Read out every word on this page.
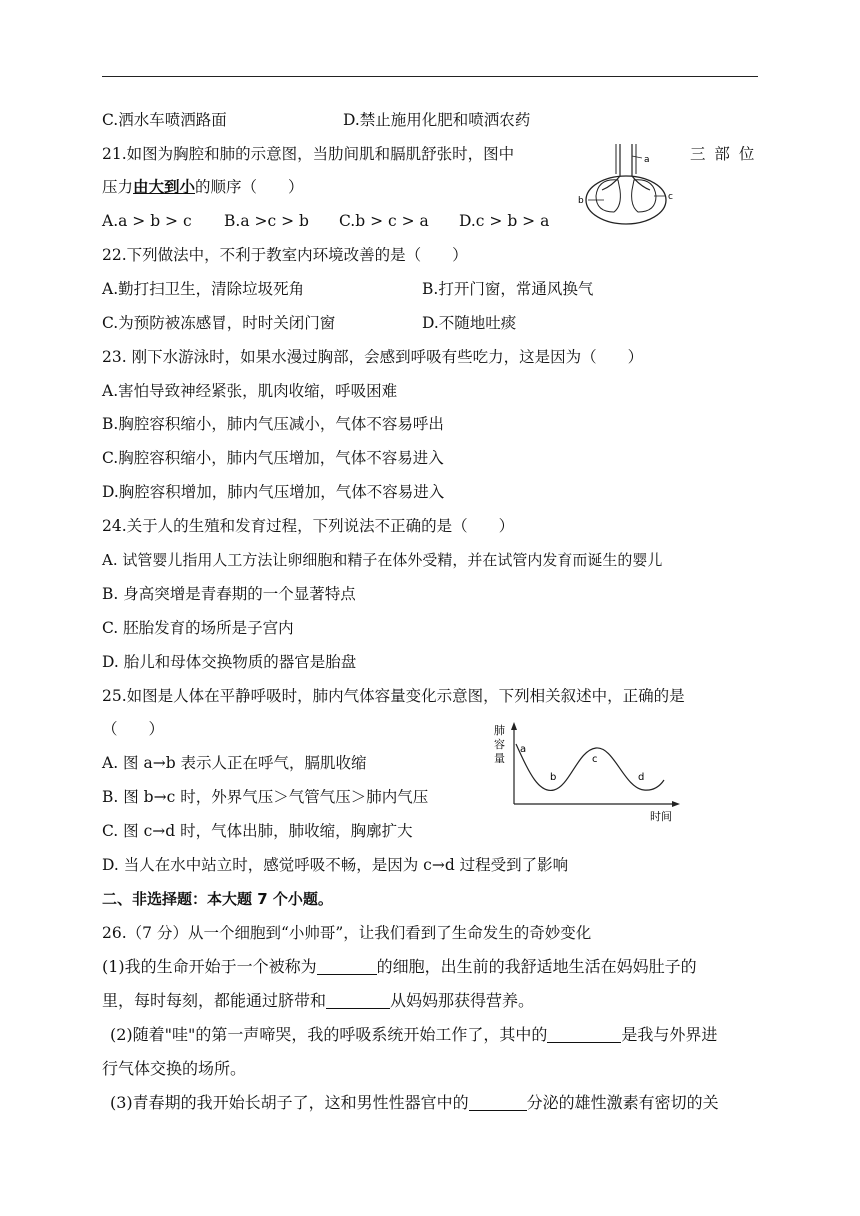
C.洒水车喷洒路面	D.禁止施用化肥和喷洒农药
21.如图为胸腔和肺的示意图，当肋间肌和膈肌舒张时，图中	三 部 位
压力由大到小的顺序（　　）
A.a > b > c B.a >c > b C.b > c > a D.c > b > a
a
b	c
22.下列做法中，不利于教室内环境改善的是（　　）
A.勤打扫卫生，清除垃圾死角	B.打开门窗，常通风换气
C.为预防被冻感冒，时时关闭门窗	D.不随地吐痰
23. 刚下水游泳时，如果水漫过胸部，会感到呼吸有些吃力，这是因为（　　）
A.害怕导致神经紧张，肌肉收缩，呼吸困难
B.胸腔容积缩小，肺内气压减小，气体不容易呼出
C.胸腔容积缩小，肺内气压增加，气体不容易进入
D.胸腔容积增加，肺内气压增加，气体不容易进入
24.关于人的生殖和发育过程，下列说法不正确的是（　　）
A. 试管婴儿指用人工方法让卵细胞和精子在体外受精，并在试管内发育而诞生的婴儿
B. 身高突增是青春期的一个显著特点
C. 胚胎发育的场所是子宫内
D. 胎儿和母体交换物质的器官是胎盘
25.如图是人体在平静呼吸时，肺内气体容量变化示意图，下列相关叙述中，正确的是
（　　）
A. 图 a→b 表示人正在呼气，膈肌收缩
B. 图 b→c 时，外界气压＞气管气压＞肺内气压
C. 图 c→d 时，气体出肺，肺收缩，胸廓扩大
D. 当人在水中站立时，感觉呼吸不畅，是因为 c→d 过程受到了影响
肺
容
量
时间
a
b
c
d
二、非选择题：本大题 7 个小题。
26.（7 分）从一个细胞到“小帅哥”，让我们看到了生命发生的奇妙变化
(1)我的生命开始于一个被称为	的细胞，出生前的我舒适地生活在妈妈肚子的
里，每时每刻，都能通过脐带和	从妈妈那获得营养。
(2)随着"哇"的第一声啼哭，我的呼吸系统开始工作了，其中的	是我与外界进
行气体交换的场所。
(3)青春期的我开始长胡子了，这和男性性器官中的	分泌的雄性激素有密切的关
